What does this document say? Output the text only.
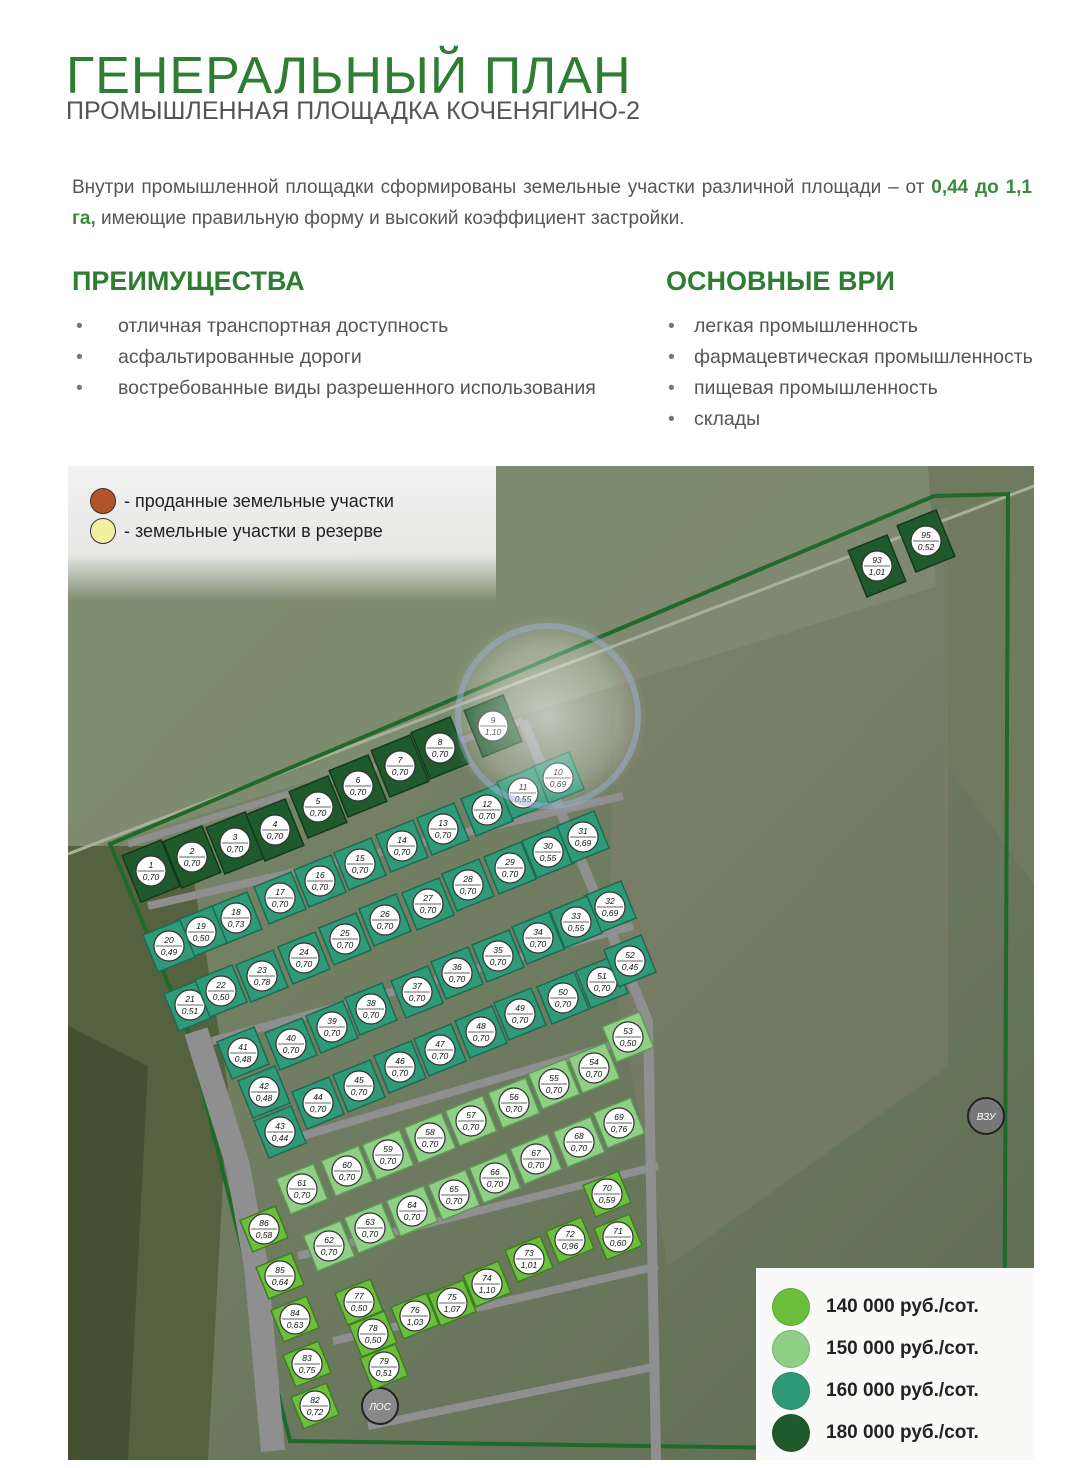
ГЕНЕРАЛЬНЫЙ ПЛАН
ПРОМЫШЛЕННАЯ ПЛОЩАДКА КОЧЕНЯГИНО-2
Внутри промышленной площадки сформированы земельные участки различной площади – от 0,44 до 1,1 га, имеющие правильную форму и высокий коэффициент застройки.
ПРЕИМУЩЕСТВА
• отличная транспортная доступность
• асфальтированные дороги
• востребованные виды разрешенного использования
ОСНОВНЫЕ ВРИ
• легкая промышленность
• фармацевтическая промышленность
• пищевая промышленность
• склады
ВЗУ
ЛОС
1
0,70
2
0,70
3
0,70
4
0,70
5
0,70
6
0,70
7
0,70
8
0,70
12
0,70
13
0,70
14
0,70
15
0,70
16
0,70
17
0,70
18
0,73
19
0,50
20
0,49
21
0,51
22
0,50
23
0,78
24
0,70
25
0,70
26
0,70
27
0,70
28
0,70
29
0,70
30
0,55
31
0,69
32
0,69
33
0,55
34
0,70
35
0,70
36
0,70
37
0,70
38
0,70
39
0,70
40
0,70
41
0,48
42
0,48
43
0,44
44
0,70
45
0,70
46
0,70
47
0,70
48
0,70
49
0,70
50
0,70
51
0,70
52
0,45
53
0,50
54
0,70
55
0,70
56
0,70
57
0,70
58
0,70
59
0,70
60
0,70
61
0,70
62
0,70
63
0,70
64
0,70
65
0,70
66
0,70
67
0,70
68
0,70
69
0,76
70
0,59
71
0,60
72
0,96
73
1,01
74
1,10
75
1,07
76
1,03
77
0,50
78
0,50
79
0,51
82
0,72
83
0,75
84
0,63
85
0,64
86
0,58
93
1,01
95
0,52
- проданные земельные участки
- земельные участки в резерве
140 000 руб./сот.
150 000 руб./сот.
160 000 руб./сот.
180 000 руб./сот.
